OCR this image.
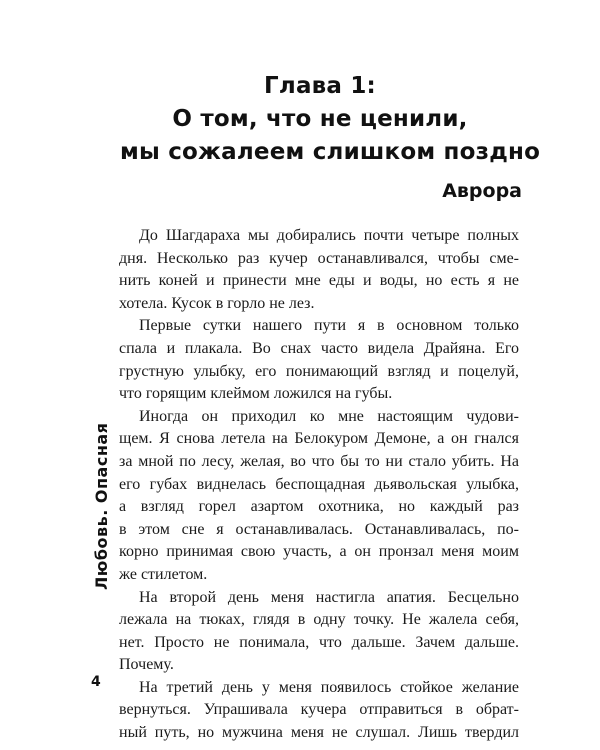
Глава 1:
О том, что не ценили,
мы сожалеем слишком поздно
Аврора
До Шагдараха мы добирались почти четыре полных
дня. Несколько раз кучер останавливался, чтобы сме-
нить коней и принести мне еды и воды, но есть я не
хотела. Кусок в горло не лез.
Первые сутки нашего пути я в основном только
спала и плакала. Во снах часто видела Драйяна. Его
грустную улыбку, его понимающий взгляд и поцелуй,
что горящим клеймом ложился на губы.
Иногда он приходил ко мне настоящим чудови-
щем. Я снова летела на Белокуром Демоне, а он гнался
за мной по лесу, желая, во что бы то ни стало убить. На
его губах виднелась беспощадная дьявольская улыбка,
а взгляд горел азартом охотника, но каждый раз
в этом сне я останавливалась. Останавливалась, по-
корно принимая свою участь, а он пронзал меня моим
же стилетом.
На второй день меня настигла апатия. Бесцельно
лежала на тюках, глядя в одну точку. Не жалела себя,
нет. Просто не понимала, что дальше. Зачем дальше.
Почему.
На третий день у меня появилось стойкое желание
вернуться. Упрашивала кучера отправиться в обрат-
ный путь, но мужчина меня не слушал. Лишь твердил
Любовь. Опасная
4
